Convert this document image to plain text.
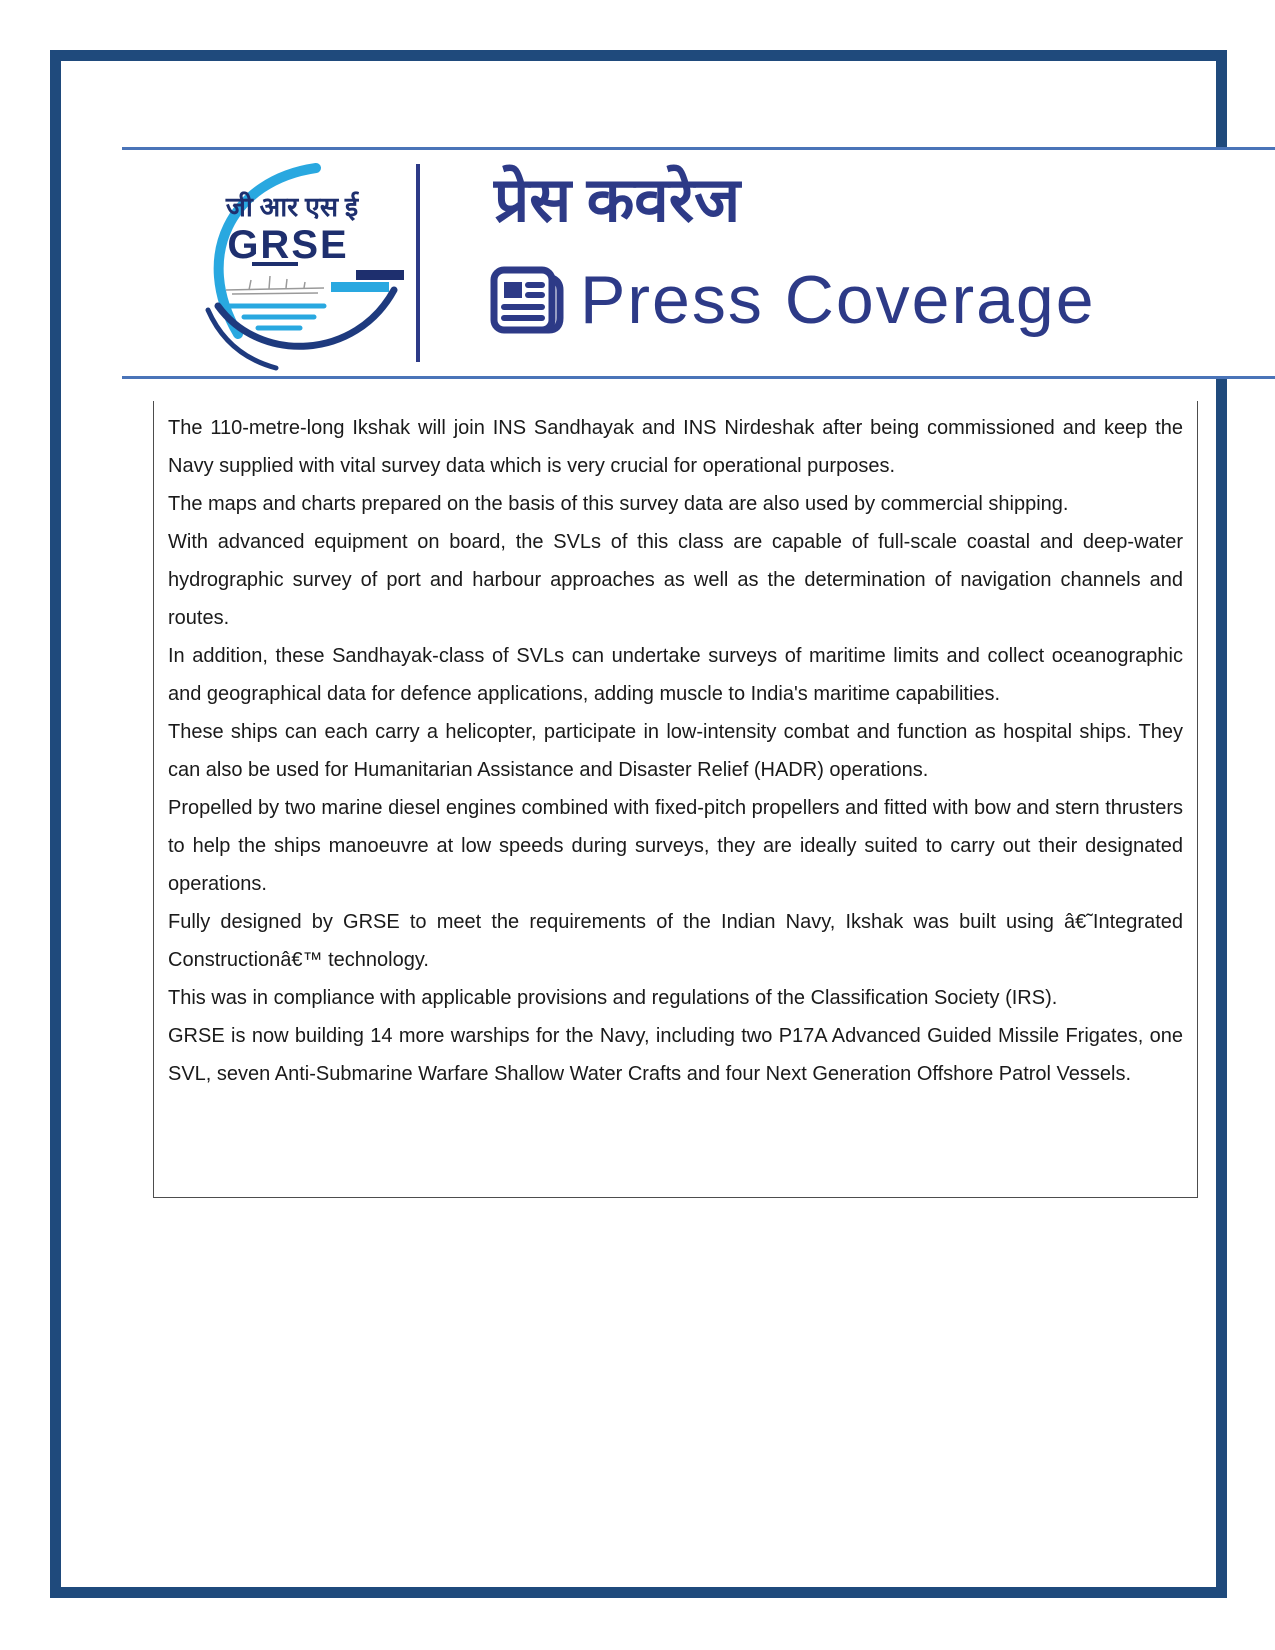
जी आर एस ई
GRSE
प्रेस कवरेज
Press Coverage

The 110-metre-long Ikshak will join INS Sandhayak and INS Nirdeshak after being commissioned and keep the Navy supplied with vital survey data which is very crucial for operational purposes.

The maps and charts prepared on the basis of this survey data are also used by commercial shipping.

With advanced equipment on board, the SVLs of this class are capable of full-scale coastal and deep-water hydrographic survey of port and harbour approaches as well as the determination of navigation channels and routes.

In addition, these Sandhayak-class of SVLs can undertake surveys of maritime limits and collect oceanographic and geographical data for defence applications, adding muscle to India's maritime capabilities.

These ships can each carry a helicopter, participate in low-intensity combat and function as hospital ships. They can also be used for Humanitarian Assistance and Disaster Relief (HADR) operations.

Propelled by two marine diesel engines combined with fixed-pitch propellers and fitted with bow and stern thrusters to help the ships manoeuvre at low speeds during surveys, they are ideally suited to carry out their designated operations.

Fully designed by GRSE to meet the requirements of the Indian Navy, Ikshak was built using â€˜Integrated Constructionâ€™ technology.

This was in compliance with applicable provisions and regulations of the Classification Society (IRS).

GRSE is now building 14 more warships for the Navy, including two P17A Advanced Guided Missile Frigates, one SVL, seven Anti-Submarine Warfare Shallow Water Crafts and four Next Generation Offshore Patrol Vessels.
